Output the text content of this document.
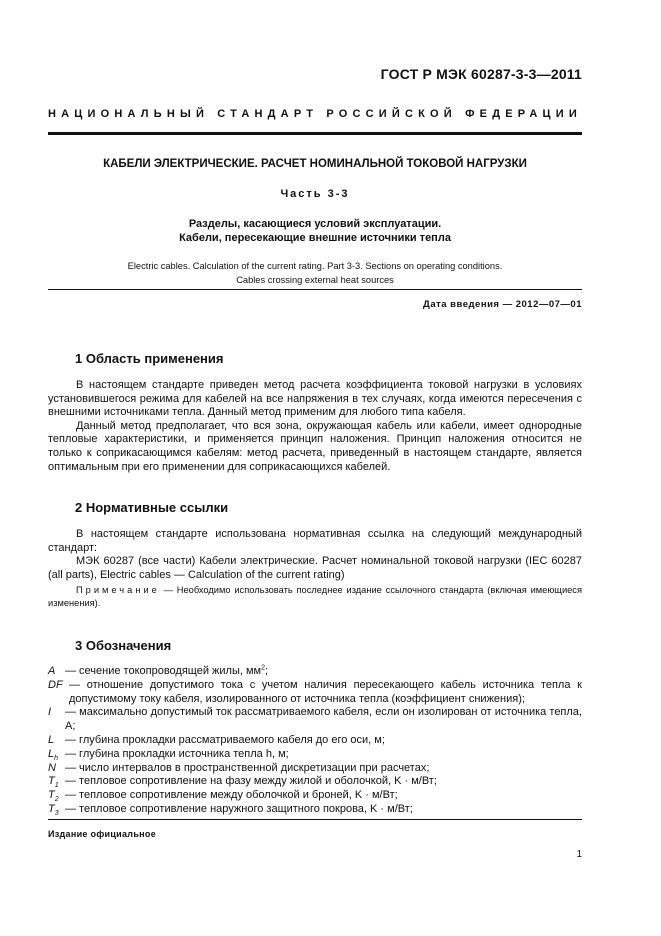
ГОСТ Р МЭК 60287-3-3—2011
НАЦИОНАЛЬНЫЙ СТАНДАРТ РОССИЙСКОЙ ФЕДЕРАЦИИ
КАБЕЛИ ЭЛЕКТРИЧЕСКИЕ. РАСЧЕТ НОМИНАЛЬНОЙ ТОКОВОЙ НАГРУЗКИ
Часть 3-3
Разделы, касающиеся условий эксплуатации.
Кабели, пересекающие внешние источники тепла
Electric cables. Calculation of the current rating. Part 3-3. Sections on operating conditions.
Cables crossing external heat sources
Дата введения — 2012—07—01
1 Область применения

В настоящем стандарте приведен метод расчета коэффициента токовой нагрузки в условиях установившегося режима для кабелей на все напряжения в тех случаях, когда имеются пересечения с внешними источниками тепла. Данный метод применим для любого типа кабеля.

Данный метод предполагает, что вся зона, окружающая кабель или кабели, имеет однородные тепловые характеристики, и применяется принцип наложения. Принцип наложения относится не только к соприкасающимся кабелям: метод расчета, приведенный в настоящем стандарте, является оптимальным при его применении для соприкасающихся кабелей.

2 Нормативные ссылки

В настоящем стандарте использована нормативная ссылка на следующий международный стандарт:

МЭК 60287 (все части) Кабели электрические. Расчет номинальной токовой нагрузки (IEC 60287 (all parts), Electric cables — Calculation of the current rating)

Примечание — Необходимо использовать последнее издание ссылочного стандарта (включая имеющиеся изменения).
3 Обозначения
A — сечение токопроводящей жилы, $мм^2$;
DF — отношение допустимого тока с учетом наличия пересекающего кабель источника тепла к допустимому току кабеля, изолированного от источника тепла (коэффициент снижения);
I	— максимально допустимый ток рассматриваемого кабеля, если он изолирован от источника тепла, A;
L — глубина прокладки рассматриваемого кабеля до его оси, м;
$L_h$ — глубина прокладки источника тепла h, м;
N — число интервалов в пространственной дискретизации при расчетах;
$T_1$ — тепловое сопротивление на фазу между жилой и оболочкой, K · м/Вт;
$T_2$ — тепловое сопротивление между оболочкой и броней, K · м/Вт;
$T_3$ — тепловое сопротивление наружного защитного покрова, K · м/Вт;
Издание официальное
1
